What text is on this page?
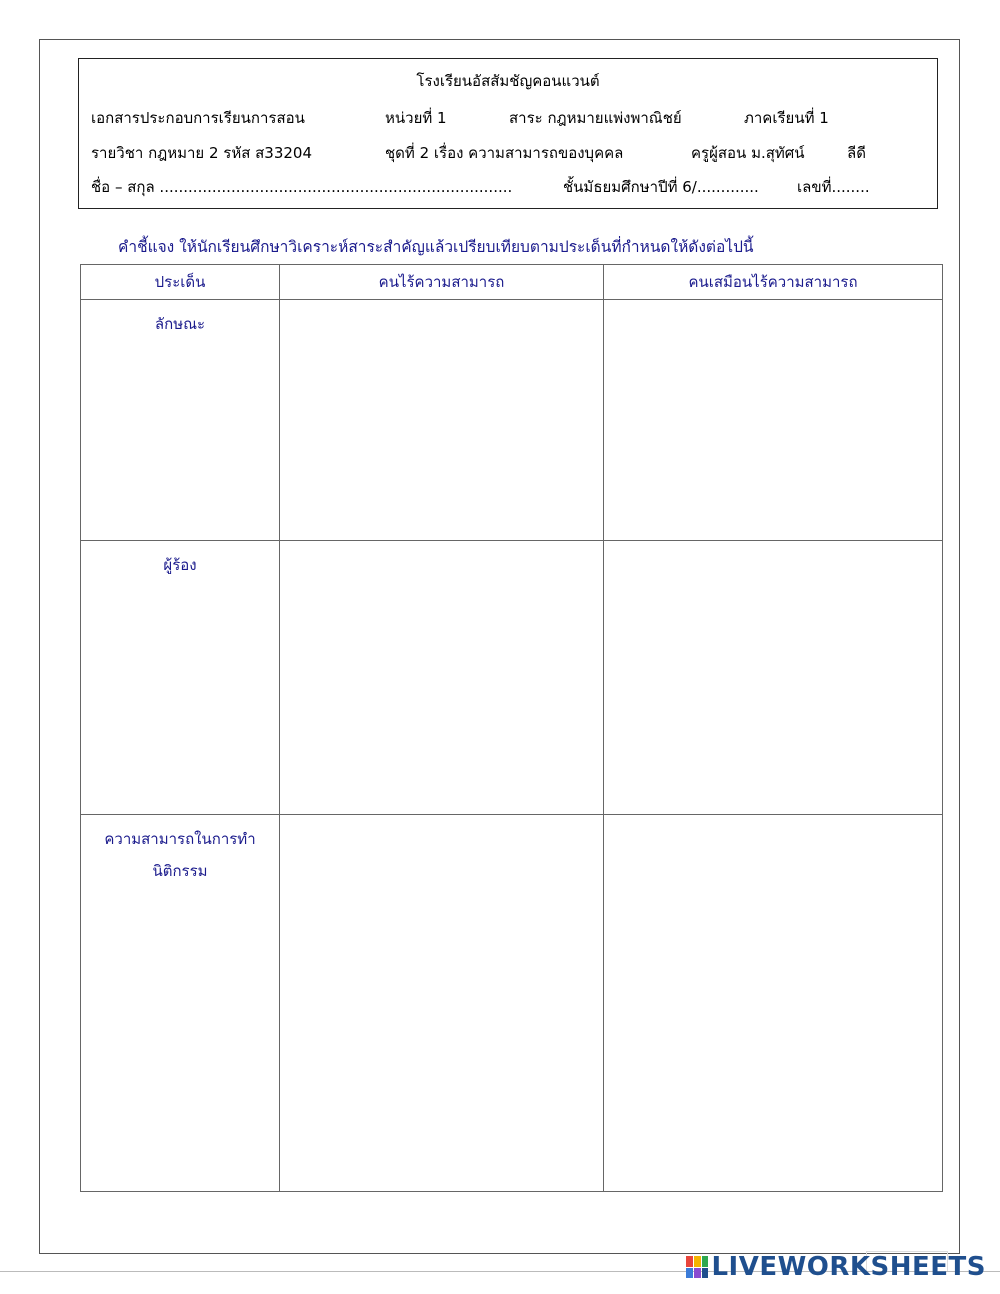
โรงเรียนอัสสัมชัญคอนแวนต์
เอกสารประกอบการเรียนการสอน	หน่วยที่ 1	สาระ กฎหมายแพ่งพาณิชย์	ภาคเรียนที่ 1
รายวิชา กฎหมาย 2 รหัส ส33204	ชุดที่ 2 เรื่อง ความสามารถของบุคคล	ครูผู้สอน ม.สุทัศน์	ลีดี
ชื่อ – สกุล ..........................................................................	ชั้นมัธยมศึกษาปีที่ 6/.............	เลขที่........
คำชี้แจง ให้นักเรียนศึกษาวิเคราะห์สาระสำคัญแล้วเปรียบเทียบตามประเด็นที่กำหนดให้ดังต่อไปนี้
ประเด็น	คนไร้ความสามารถ	คนเสมือนไร้ความสามารถ

ลักษณะ		

ผู้ร้อง		

ความสามารถในการทำ
นิติกรรม		

LIVEWORKSHEETS
